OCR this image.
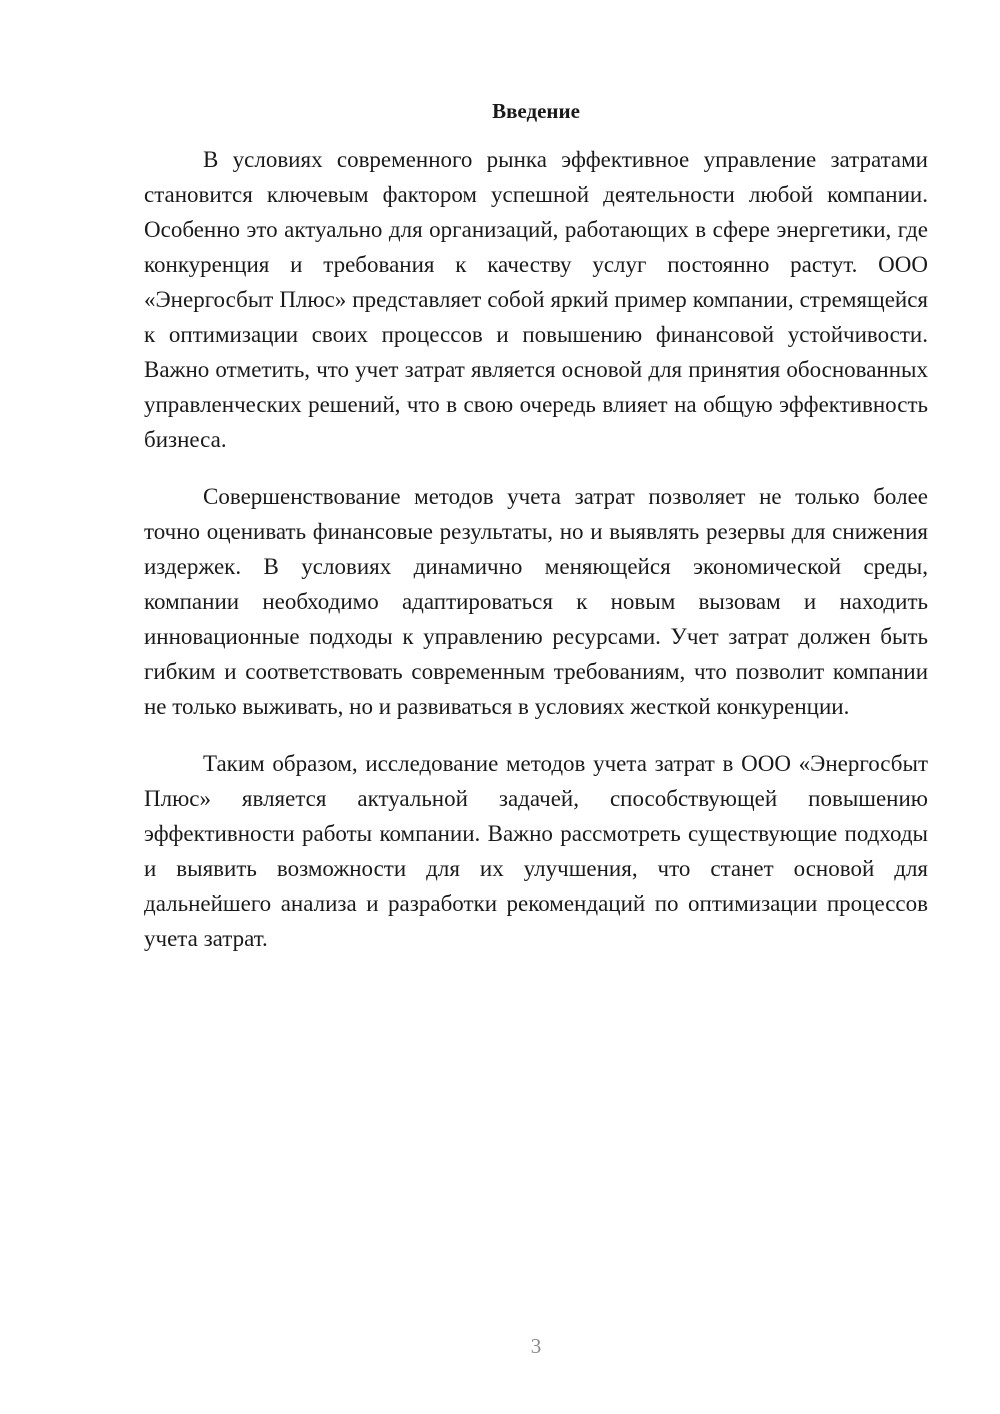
Введение

В условиях современного рынка эффективное управление затратами становится ключевым фактором успешной деятельности любой компании. Особенно это актуально для организаций, работающих в сфере энергетики, где конкуренция и требования к качеству услуг постоянно растут. ООО «Энергосбыт Плюс» представляет собой яркий пример компании, стремящейся к оптимизации своих процессов и повышению финансовой устойчивости. Важно отметить, что учет затрат является основой для принятия обоснованных управленческих решений, что в свою очередь влияет на общую эффективность бизнеса.

Совершенствование методов учета затрат позволяет не только более точно оценивать финансовые результаты, но и выявлять резервы для снижения издержек. В условиях динамично меняющейся экономической среды, компании необходимо адаптироваться к новым вызовам и находить инновационные подходы к управлению ресурсами. Учет затрат должен быть гибким и соответствовать современным требованиям, что позволит компании не только выживать, но и развиваться в условиях жесткой конкуренции.

Таким образом, исследование методов учета затрат в ООО «Энергосбыт Плюс» является актуальной задачей, способствующей повышению эффективности работы компании. Важно рассмотреть существующие подходы и выявить возможности для их улучшения, что станет основой для дальнейшего анализа и разработки рекомендаций по оптимизации процессов учета затрат.

3
